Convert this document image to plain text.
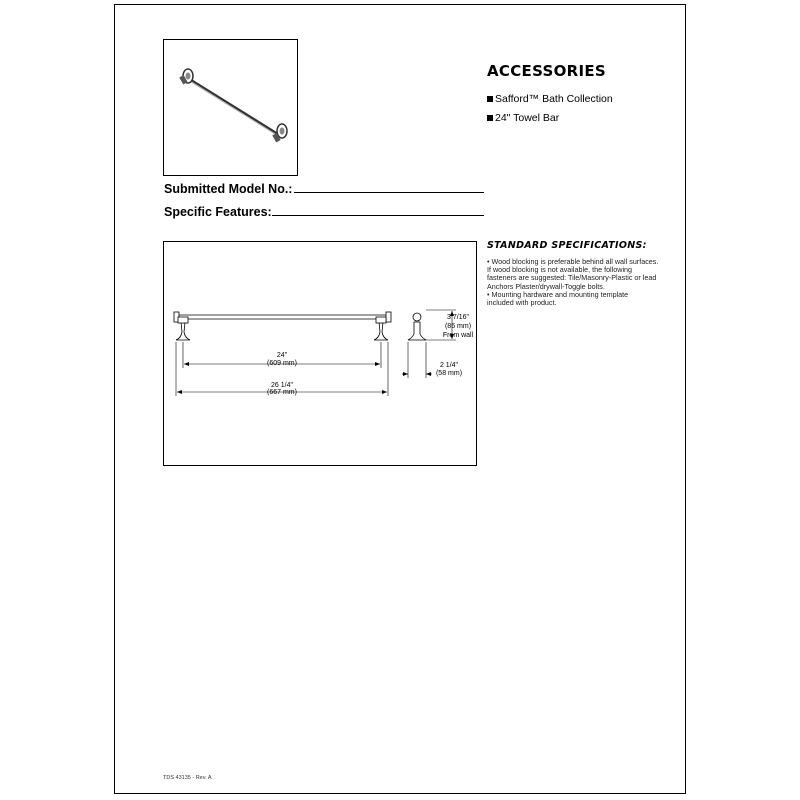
ACCESSORIES
Safford™ Bath Collection
24" Towel Bar
Submitted Model No.:
Specific Features:
24"
(609 mm)
26 1/4"
(667 mm)
3 7/16"
(86 mm)
From wall
2 1/4"
(58 mm)
STANDARD SPECIFICATIONS:
• Wood blocking is preferable behind all wall surfaces.
If wood blocking is not available, the following
fasteners are suggested: Tile/Masonry-Plastic or lead
Anchors Plaster/drywall-Toggle bolts.
• Mounting hardware and mounting template
included with product.
TDS 43135 - Rev. A
